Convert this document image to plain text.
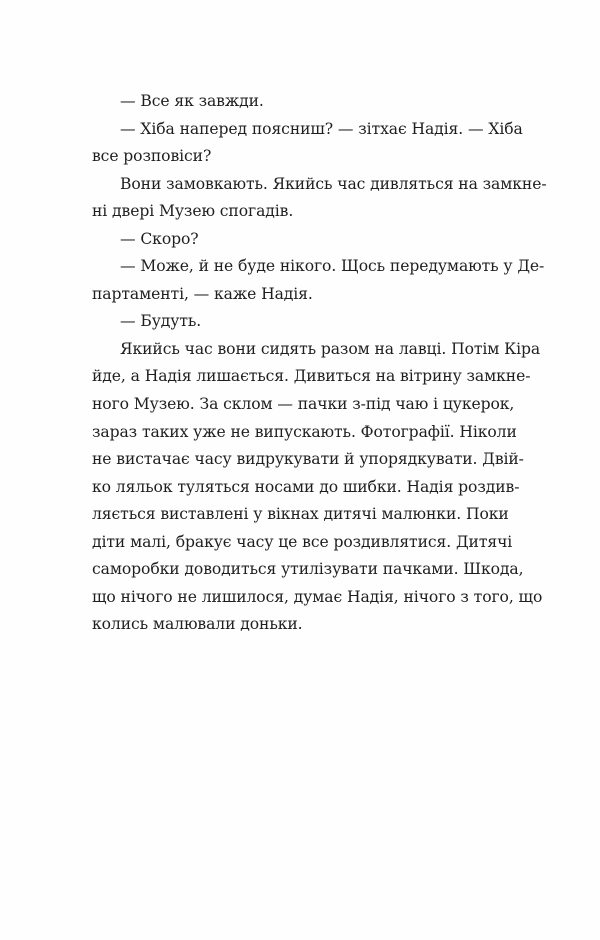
— Все як завжди.
— Хіба наперед поясниш? — зітхає Надія. — Хіба
все розповіси?
Вони замовкають. Якийсь час дивляться на замкне-
ні двері Музею спогадів.
— Скоро?
— Може, й не буде нікого. Щось передумають у Де-
партаменті, — каже Надія.
— Будуть.
Якийсь час вони сидять разом на лавці. Потім Кіра
йде, а Надія лишається. Дивиться на вітрину замкне-
ного Музею. За склом — пачки з-під чаю і цукерок,
зараз таких уже не випускають. Фотографії. Ніколи
не вистачає часу видрукувати й упорядкувати. Двій-
ко ляльок туляться носами до шибки. Надія роздив-
ляється виставлені у вікнах дитячі малюнки. Поки
діти малі, бракує часу це все роздивлятися. Дитячі
саморобки доводиться утилізувати пачками. Шкода,
що нічого не лишилося, думає Надія, нічого з того, що
колись малювали доньки.
